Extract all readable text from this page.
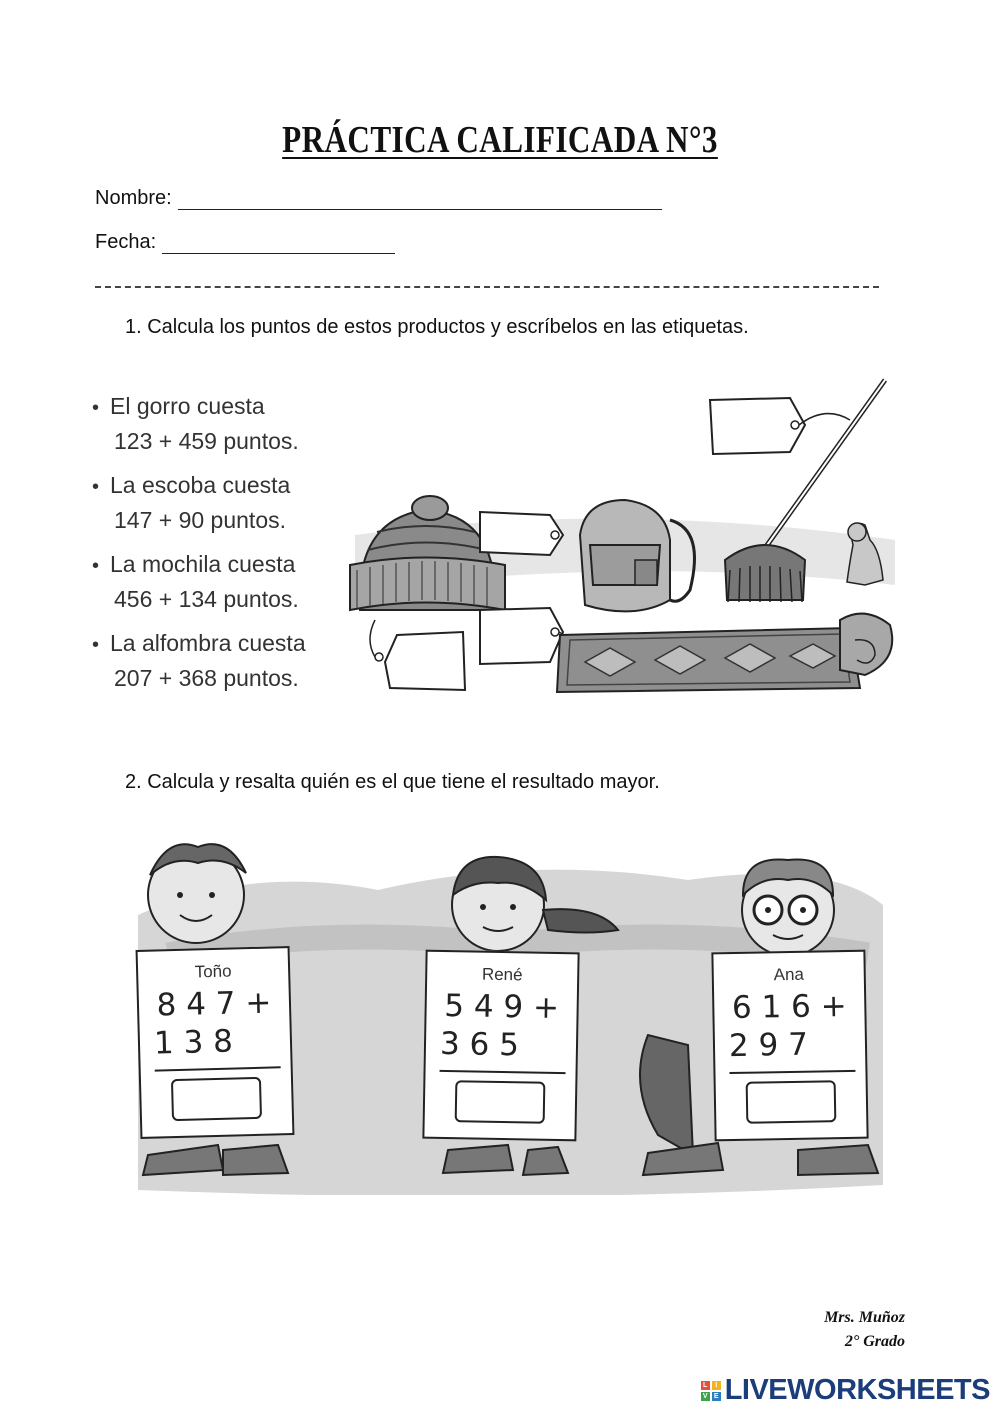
PRÁCTICA CALIFICADA N°3
Nombre:
Fecha:
1. Calcula los puntos de estos productos y escríbelos en las etiquetas.
• El gorro cuesta
123 + 459 puntos.
• La escoba cuesta
147 + 90 puntos.
• La mochila cuesta
456 + 134 puntos.
• La alfombra cuesta
207 + 368 puntos.
2. Calcula y resalta quién es el que tiene el resultado mayor.
Toño
8 4 7 +
1 3 8
René
5 4 9 +
3 6 5
Ana
6 1 6 +
2 9 7
Mrs. Muñoz
2° Grado
L	I
V E LIVEWORKSHEETS
